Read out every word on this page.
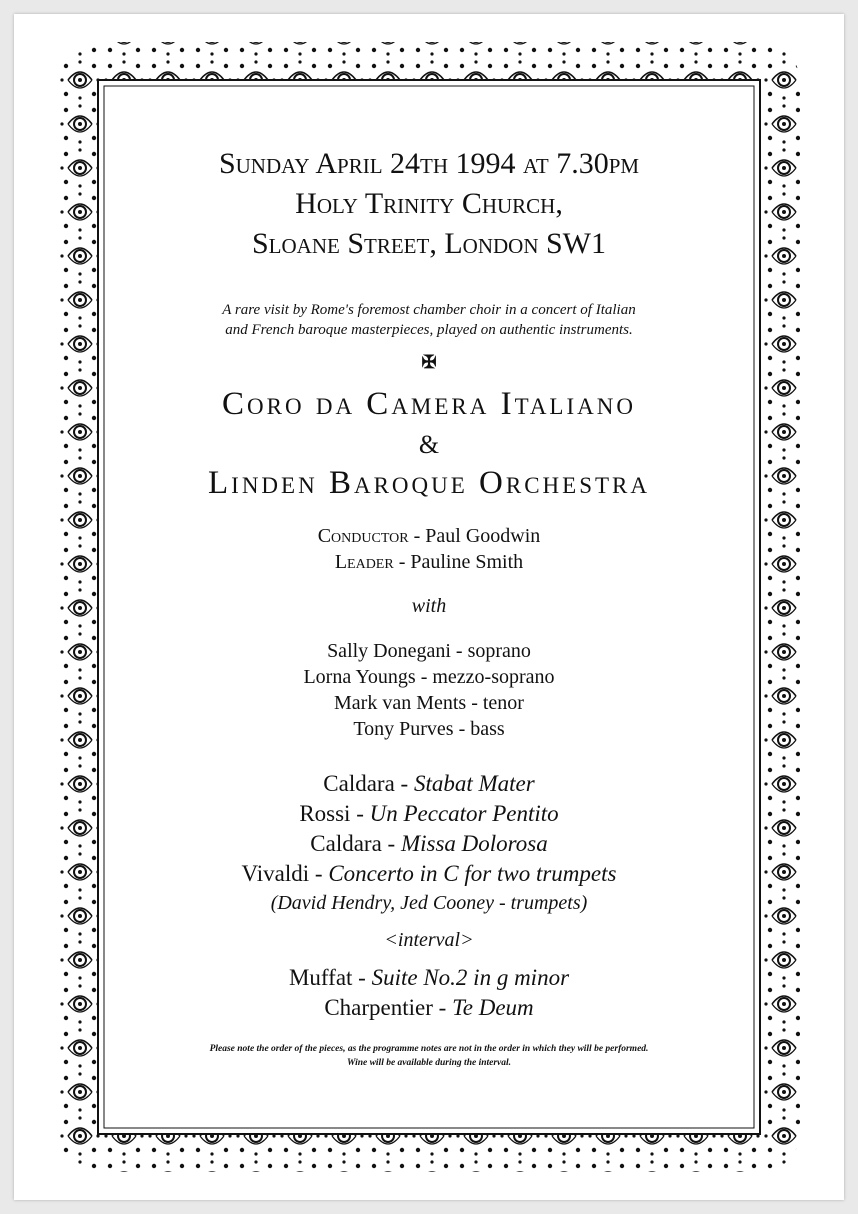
Sunday April 24th 1994 at 7.30pm
Holy Trinity Church,
Sloane Street, London SW1
A rare visit by Rome's foremost chamber choir in a concert of Italian
and French baroque masterpieces, played on authentic instruments.
✠
Coro da Camera Italiano
&
Linden Baroque Orchestra
Conductor - Paul Goodwin
Leader - Pauline Smith
with
Sally Donegani - soprano
Lorna Youngs - mezzo-soprano
Mark van Ments - tenor
Tony Purves - bass
Caldara - Stabat Mater
Rossi - Un Peccator Pentito
Caldara - Missa Dolorosa
Vivaldi - Concerto in C for two trumpets
(David Hendry, Jed Cooney - trumpets)
<interval>
Muffat - Suite No.2 in g minor
Charpentier - Te Deum
Please note the order of the pieces, as the programme notes are not in the order in which they will be performed.
Wine will be available during the interval.
